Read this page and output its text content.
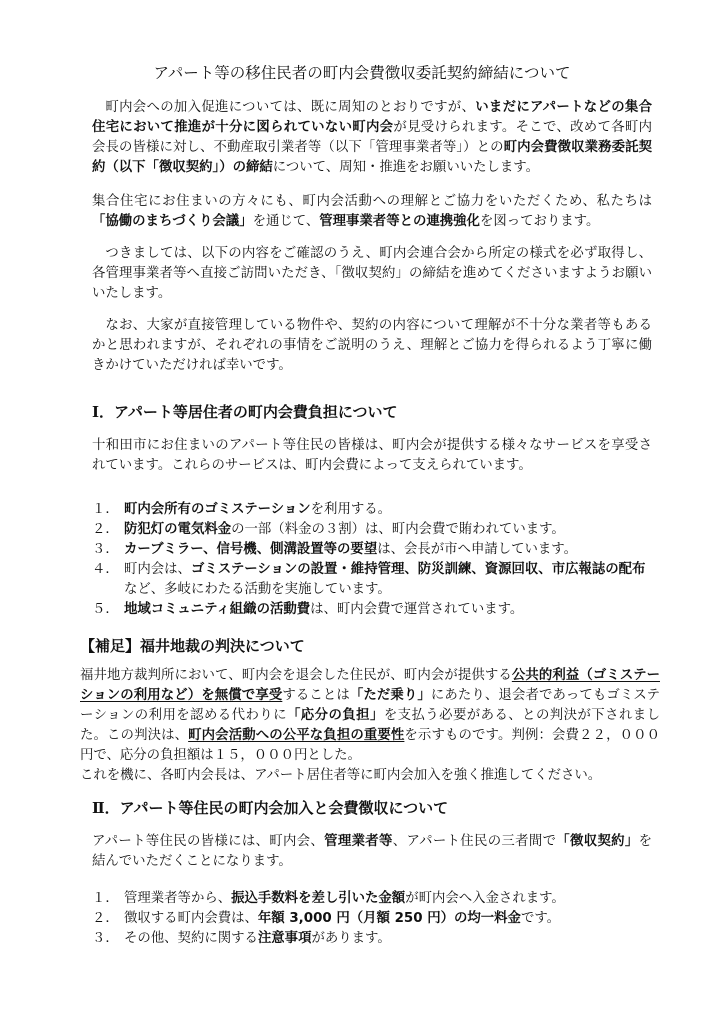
アパート等の移住民者の町内会費徴収委託契約締結について

町内会への加入促進については、既に周知のとおりですが、いまだにアパートなどの集合住宅において推進が十分に図られていない町内会が見受けられます。そこで、改めて各町内会長の皆様に対し、不動産取引業者等（以下「管理事業者等」）との町内会費徴収業務委託契約（以下「徴収契約」）の締結について、周知・推進をお願いいたします。

集合住宅にお住まいの方々にも、町内会活動への理解とご協力をいただくため、私たちは「協働のまちづくり会議」を通じて、管理事業者等との連携強化を図っております。

つきましては、以下の内容をご確認のうえ、町内会連合会から所定の様式を必ず取得し、各管理事業者等へ直接ご訪問いただき、「徴収契約」の締結を進めてくださいますようお願いいたします。

なお、大家が直接管理している物件や、契約の内容について理解が不十分な業者等もあるかと思われますが、それぞれの事情をご説明のうえ、理解とご協力を得られるよう丁寧に働きかけていただければ幸いです。

Ⅰ．アパート等居住者の町内会費負担について
十和田市にお住まいのアパート等住民の皆様は、町内会が提供する様々なサービスを享受されています。これらのサービスは、町内会費によって支えられています。
１． 町内会所有のゴミステーションを利用する。
２． 防犯灯の電気料金の一部（料金の３割）は、町内会費で賄われています。
３． カーブミラー、信号機、側溝設置等の要望は、会長が市へ申請しています。
４． 町内会は、ゴミステーションの設置・維持管理、防災訓練、資源回収、市広報誌の配布など、多岐にわたる活動を実施しています。
５． 地域コミュニティ組織の活動費は、町内会費で運営されています。
【補足】福井地裁の判決について

福井地方裁判所において、町内会を退会した住民が、町内会が提供する公共的利益（ゴミステーションの利用など）を無償で享受することは「ただ乗り」にあたり、退会者であってもゴミステーションの利用を認める代わりに「応分の負担」を支払う必要がある、との判決が下されました。この判決は、町内会活動への公平な負担の重要性を示すものです。判例：会費２２，０００円で、応分の負担額は１５，０００円とした。

これを機に、各町内会長は、アパート居住者等に町内会加入を強く推進してください。

Ⅱ．アパート等住民の町内会加入と会費徴収について
アパート等住民の皆様には、町内会、管理業者等、アパート住民の三者間で「徴収契約」を結んでいただくことになります。
１． 管理業者等から、振込手数料を差し引いた金額が町内会へ入金されます。
２． 徴収する町内会費は、年額 3,000 円（月額 250 円）の均一料金です。
３． その他、契約に関する注意事項があります。
